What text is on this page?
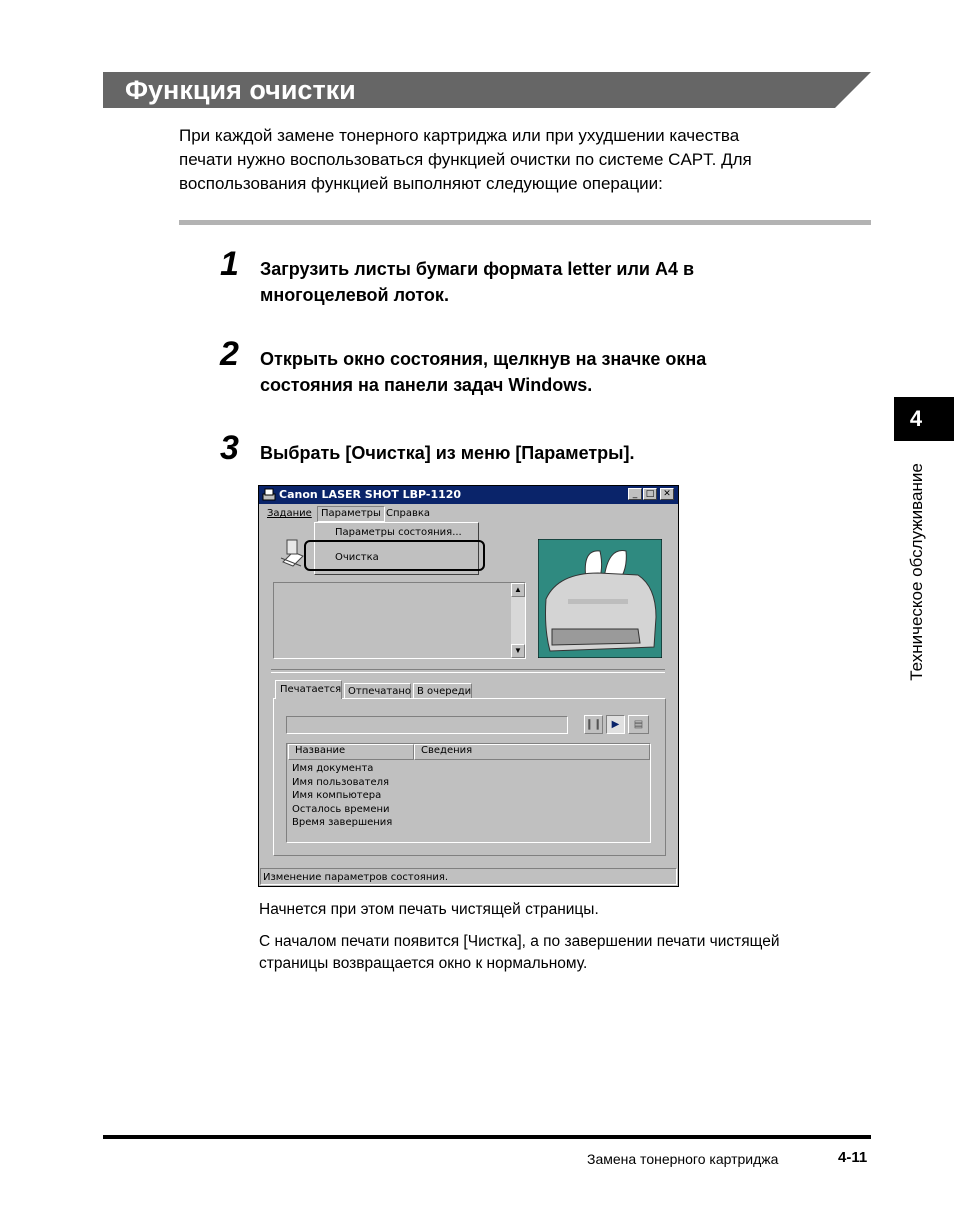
Функция очистки
При каждой замене тонерного картриджа или при ухудшении качества
печати нужно воспользоваться функцией очистки по системе CAPT. Для
воспользования функцией выполняют следующие операции:
1 Загрузить листы бумаги формата letter или A4 в
многоцелевой лоток.
2 Открыть окно состояния, щелкнув на значке окна
состояния на панели задач Windows.
3 Выбрать [Очистка] из меню [Параметры].
4
Техническое обслуживание
Canon LASER SHOT LBP-1120	_ □ ✕
Задание Параметры Справка
▲
▼
Печатается Отпечатано В очереди
❙❙ ▶	▤
Название	Сведения
Имя документа
Имя пользователя
Имя компьютера
Осталось времени
Время завершения
Изменение параметров состояния.
Параметры состояния...
Очистка
Начнется при этом печать чистящей страницы.
С началом печати появится [Чистка], а по завершении печати чистящей
страницы возвращается окно к нормальному.
Замена тонерного картриджа	4-11
